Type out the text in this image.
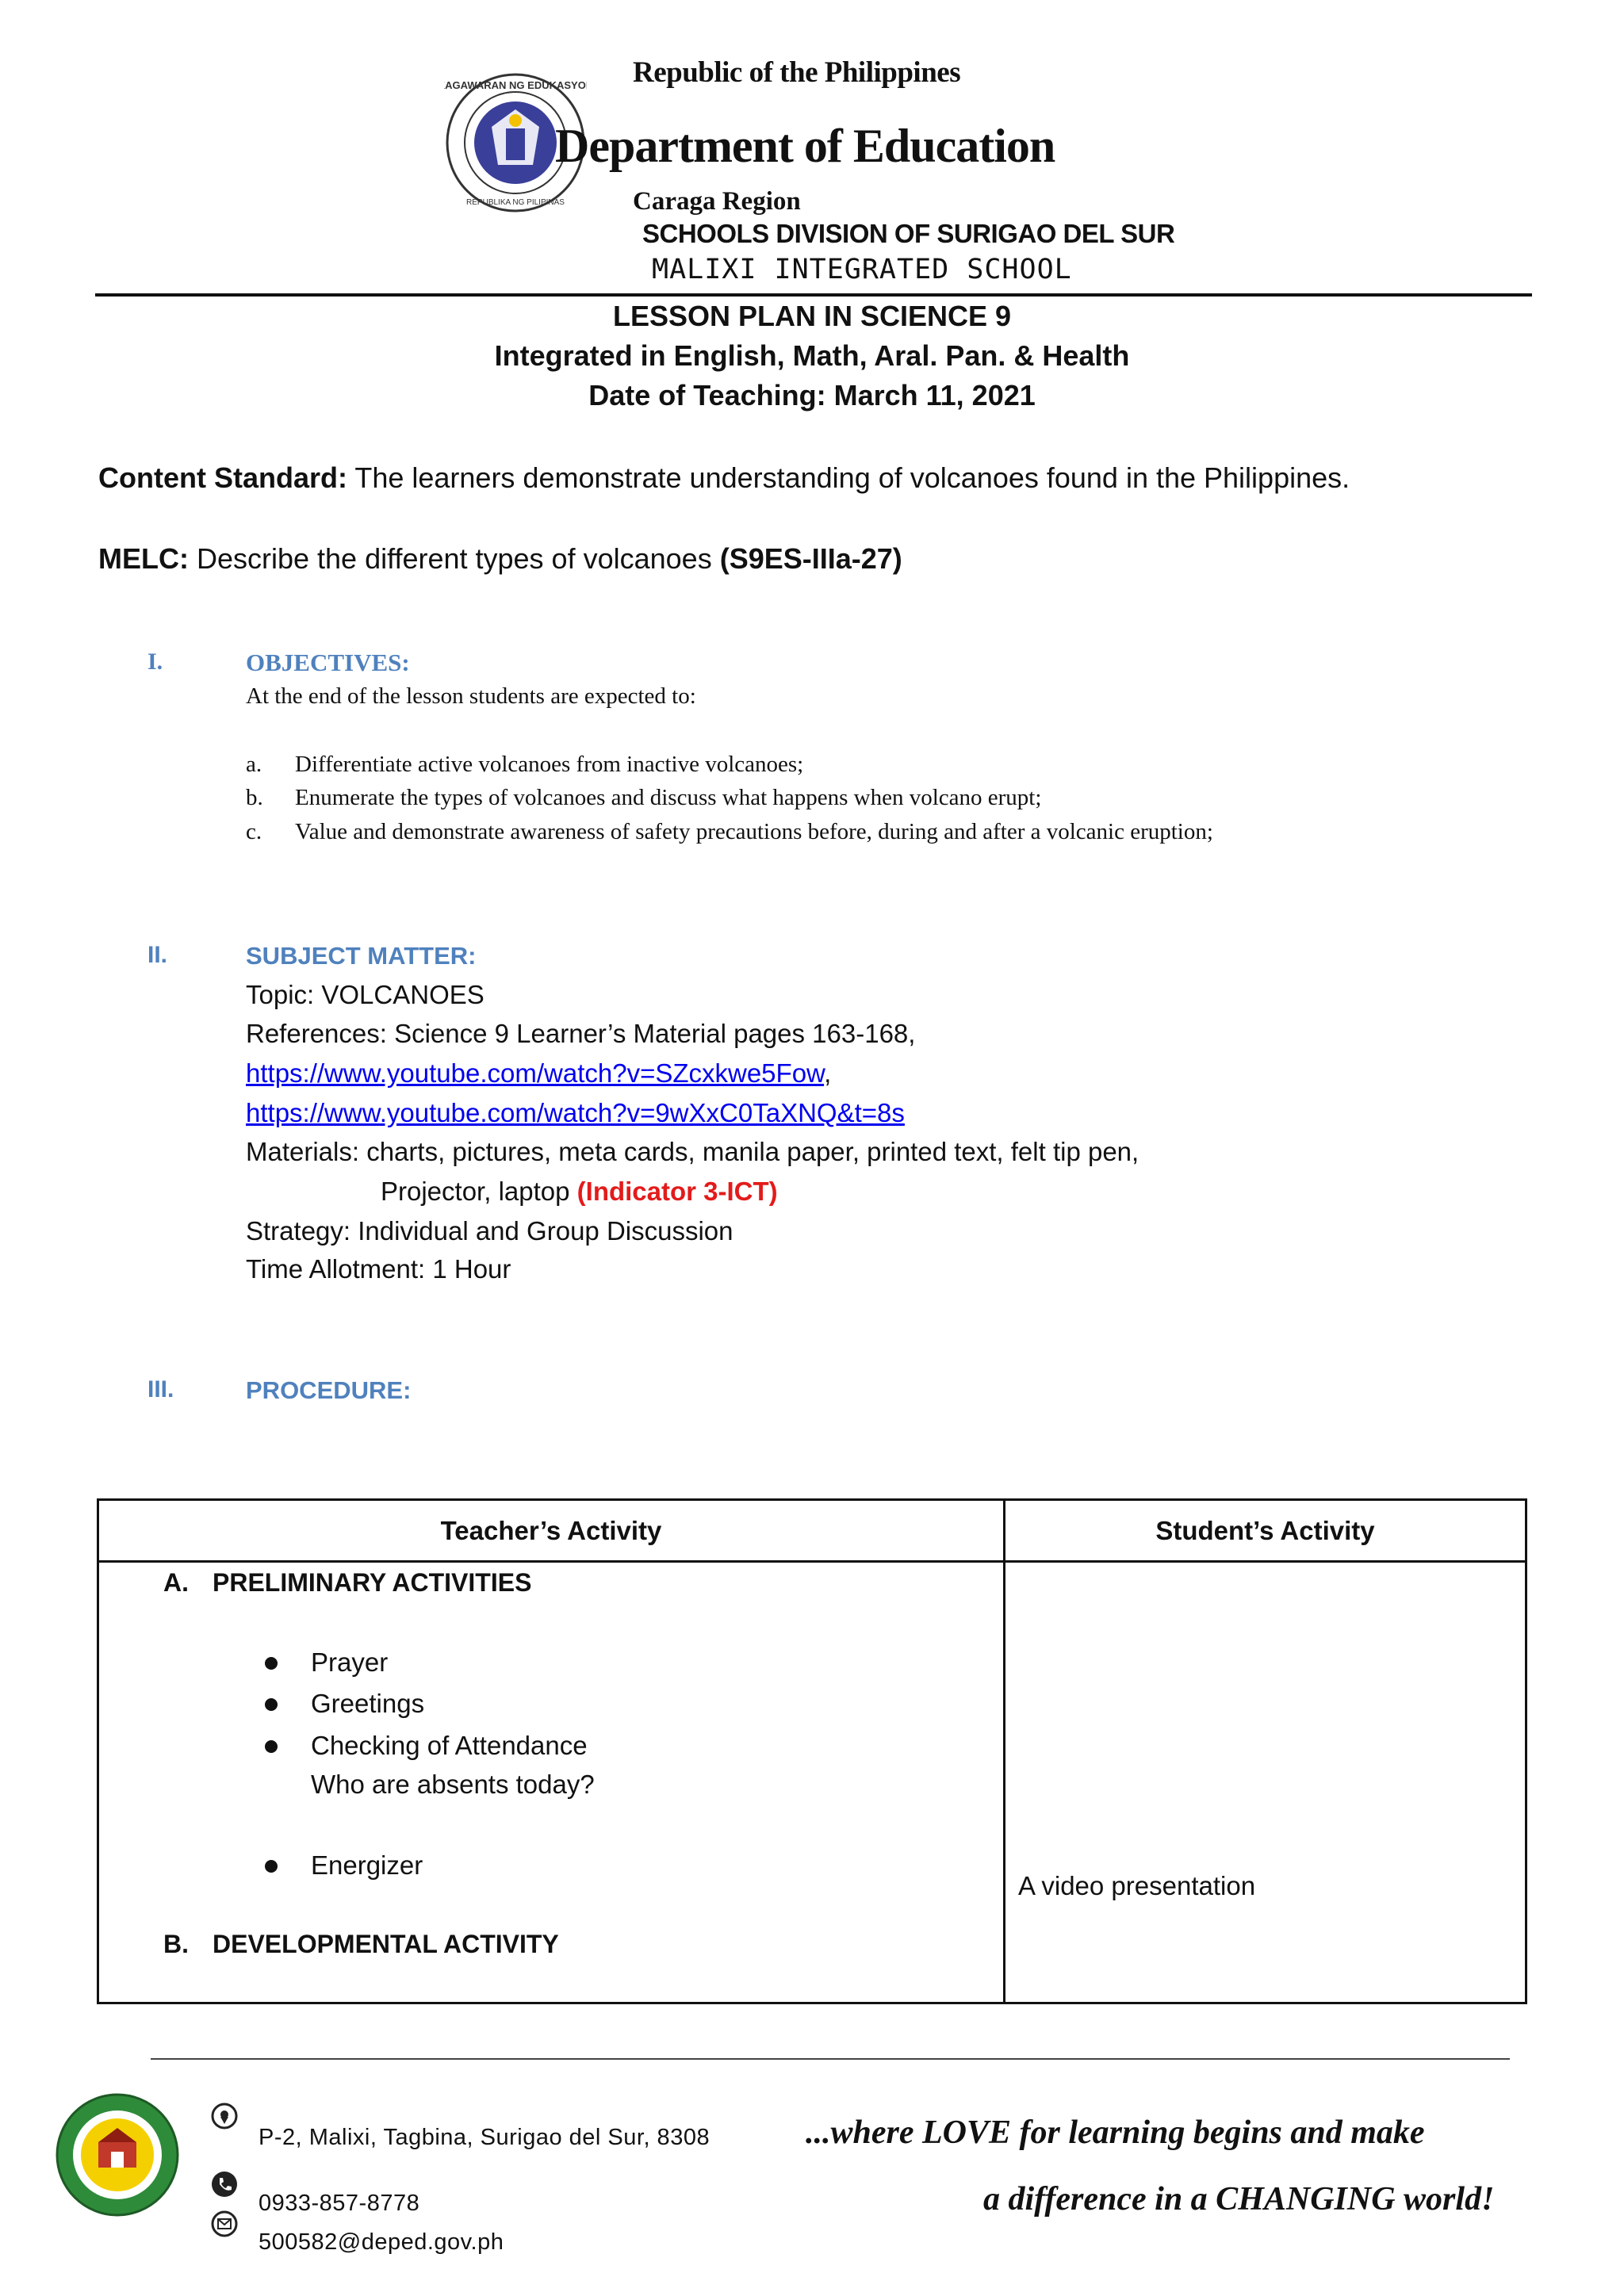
KAGAWARAN NG EDUKASYON
REPUBLIKA NG PILIPINAS
Republic of the Philippines
Department of Education
Caraga Region
SCHOOLS DIVISION OF SURIGAO DEL SUR
MALIXI INTEGRATED SCHOOL
LESSON PLAN IN SCIENCE 9
Integrated in English, Math, Aral. Pan. & Health
Date of Teaching: March 11, 2021
Content Standard: The learners demonstrate understanding of volcanoes found in the Philippines.
MELC: Describe the different types of volcanoes (S9ES-IIIa-27)
I.	OBJECTIVES:
At the end of the lesson students are expected to:
a. Differentiate active volcanoes from inactive volcanoes;
b. Enumerate the types of volcanoes and discuss what happens when volcano erupt;
c. Value and demonstrate awareness of safety precautions before, during and after a volcanic eruption;
II.	SUBJECT MATTER:
Topic: VOLCANOES
References: Science 9 Learner’s Material pages 163-168,
https://www.youtube.com/watch?v=SZcxkwe5Fow,
https://www.youtube.com/watch?v=9wXxC0TaXNQ&t=8s
Materials: charts, pictures, meta cards, manila paper, printed text, felt tip pen,
Projector, laptop (Indicator 3-ICT)
Strategy: Individual and Group Discussion
Time Allotment: 1 Hour
III.	PROCEDURE:
Teacher’s Activity	Student’s Activity
A. PRELIMINARY ACTIVITIES
Prayer
Greetings
Checking of Attendance
Who are absents today?
Energizer
B. DEVELOPMENTAL ACTIVITY
A video presentation
P-2, Malixi, Tagbina, Surigao del Sur, 8308
0933-857-8778
500582@deped.gov.ph
...where LOVE for learning begins and make
a difference in a CHANGING world!
